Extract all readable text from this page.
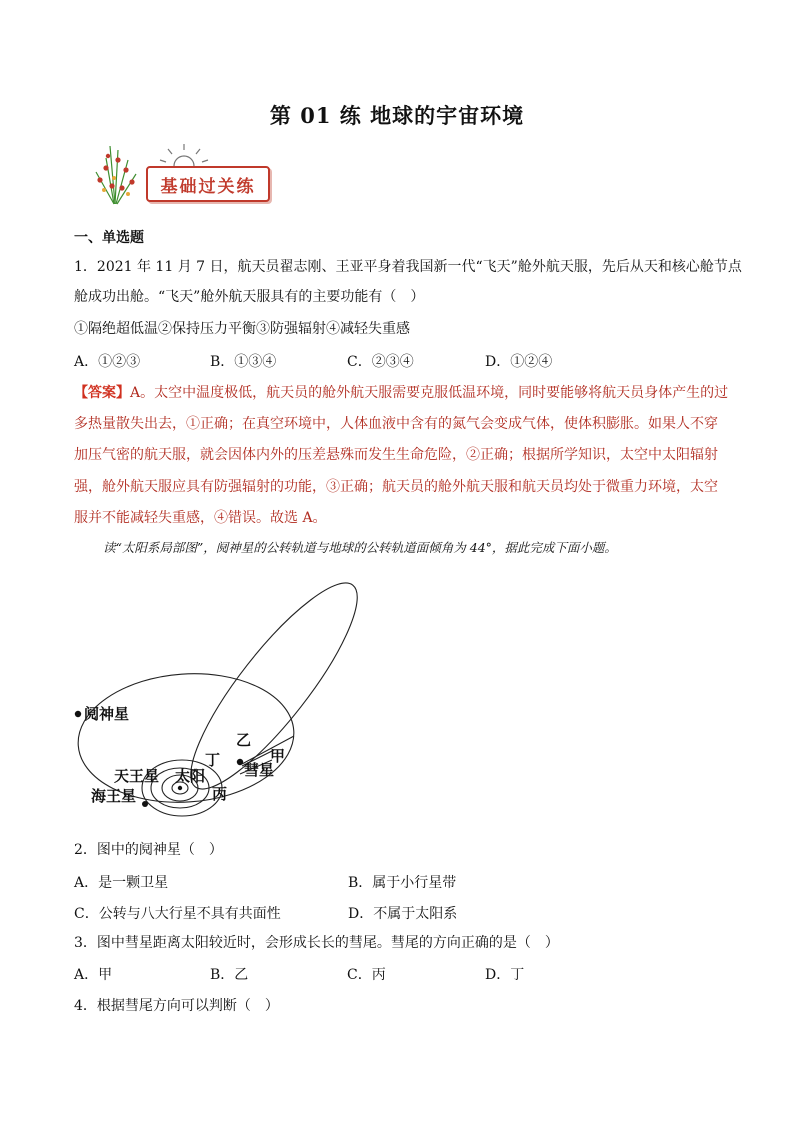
第 01 练 地球的宇宙环境
基础过关练
一、单选题
1．2021 年 11 月 7 日，航天员翟志刚、王亚平身着我国新一代“飞天”舱外航天服，先后从天和核心舱节点
舱成功出舱。“飞天”舱外航天服具有的主要功能有（　）
①隔绝超低温②保持压力平衡③防强辐射④减轻失重感
A．①②③	B．①③④	C．②③④	D．①②④
【答案】A。太空中温度极低，航天员的舱外航天服需要克服低温环境，同时要能够将航天员身体产生的过
多热量散失出去，①正确；在真空环境中，人体血液中含有的氮气会变成气体，使体积膨胀。如果人不穿
加压气密的航天服，就会因体内外的压差悬殊而发生生命危险，②正确；根据所学知识，太空中太阳辐射
强，舱外航天服应具有防强辐射的功能，③正确；航天员的舱外航天服和航天员均处于微重力环境，太空
服并不能减轻失重感，④错误。故选 A。
读“太阳系局部图”，阋神星的公转轨道与地球的公转轨道面倾角为 44°，据此完成下面小题。
阋神星
天王星 太阳
海王星
彗星
甲
乙
丙
丁
2．图中的阋神星（　）
A．是一颗卫星	B．属于小行星带
C．公转与八大行星不具有共面性	D．不属于太阳系
3．图中彗星距离太阳较近时，会形成长长的彗尾。彗尾的方向正确的是（　）
A．甲	B．乙	C．丙	D．丁
4．根据彗尾方向可以判断（　）
